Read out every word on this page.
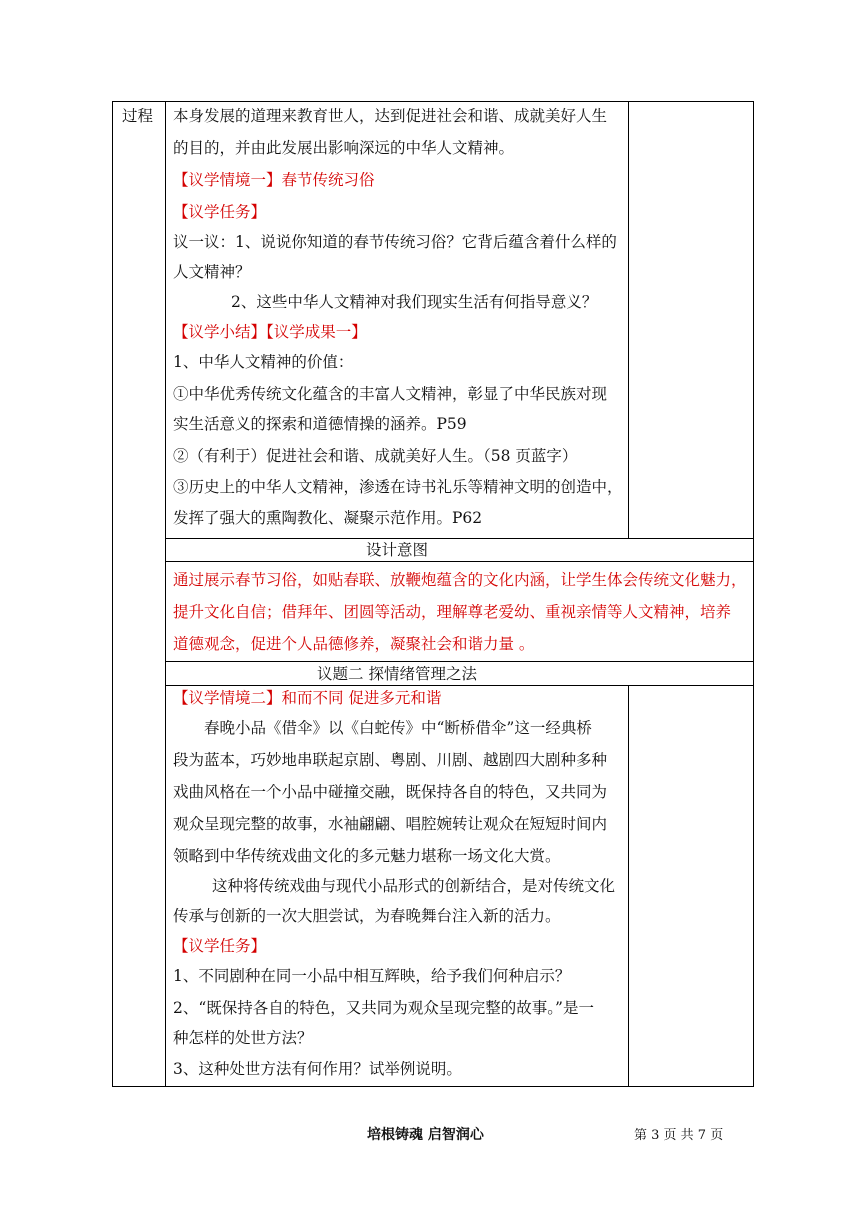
过程 本身发展的道理来教育世人，达到促进社会和谐、成就美好人生
的目的，并由此发展出影响深远的中华人文精神。
【议学情境一】春节传统习俗
【议学任务】
议一议：1、说说你知道的春节传统习俗？它背后蕴含着什么样的
人文精神？
2、这些中华人文精神对我们现实生活有何指导意义？
【议学小结】【议学成果一】
1、中华人文精神的价值：
①中华优秀传统文化蕴含的丰富人文精神，彰显了中华民族对现
实生活意义的探索和道德情操的涵养。P59
②（有利于）促进社会和谐、成就美好人生。（58 页蓝字）
③历史上的中华人文精神，渗透在诗书礼乐等精神文明的创造中，
发挥了强大的熏陶教化、凝聚示范作用。P62
设计意图
通过展示春节习俗，如贴春联、放鞭炮蕴含的文化内涵，让学生体会传统文化魅力，
提升文化自信；借拜年、团圆等活动，理解尊老爱幼、重视亲情等人文精神，培养
道德观念，促进个人品德修养，凝聚社会和谐力量 。
议题二 探情绪管理之法
【议学情境二】和而不同 促进多元和谐
春晚小品《借伞》以《白蛇传》中“断桥借伞”这一经典桥
段为蓝本，巧妙地串联起京剧、粤剧、川剧、越剧四大剧种多种
戏曲风格在一个小品中碰撞交融，既保持各自的特色，又共同为
观众呈现完整的故事，水袖翩翩、唱腔婉转让观众在短短时间内
领略到中华传统戏曲文化的多元魅力堪称一场文化大赏。
这种将传统戏曲与现代小品形式的创新结合，是对传统文化
传承与创新的一次大胆尝试，为春晚舞台注入新的活力。
【议学任务】
1、不同剧种在同一小品中相互辉映，给予我们何种启示？
2、“既保持各自的特色，又共同为观众呈现完整的故事。”是一
种怎样的处世方法？
3、这种处世方法有何作用？试举例说明。
培根铸魂 启智润心	第 3 页 共 7 页
